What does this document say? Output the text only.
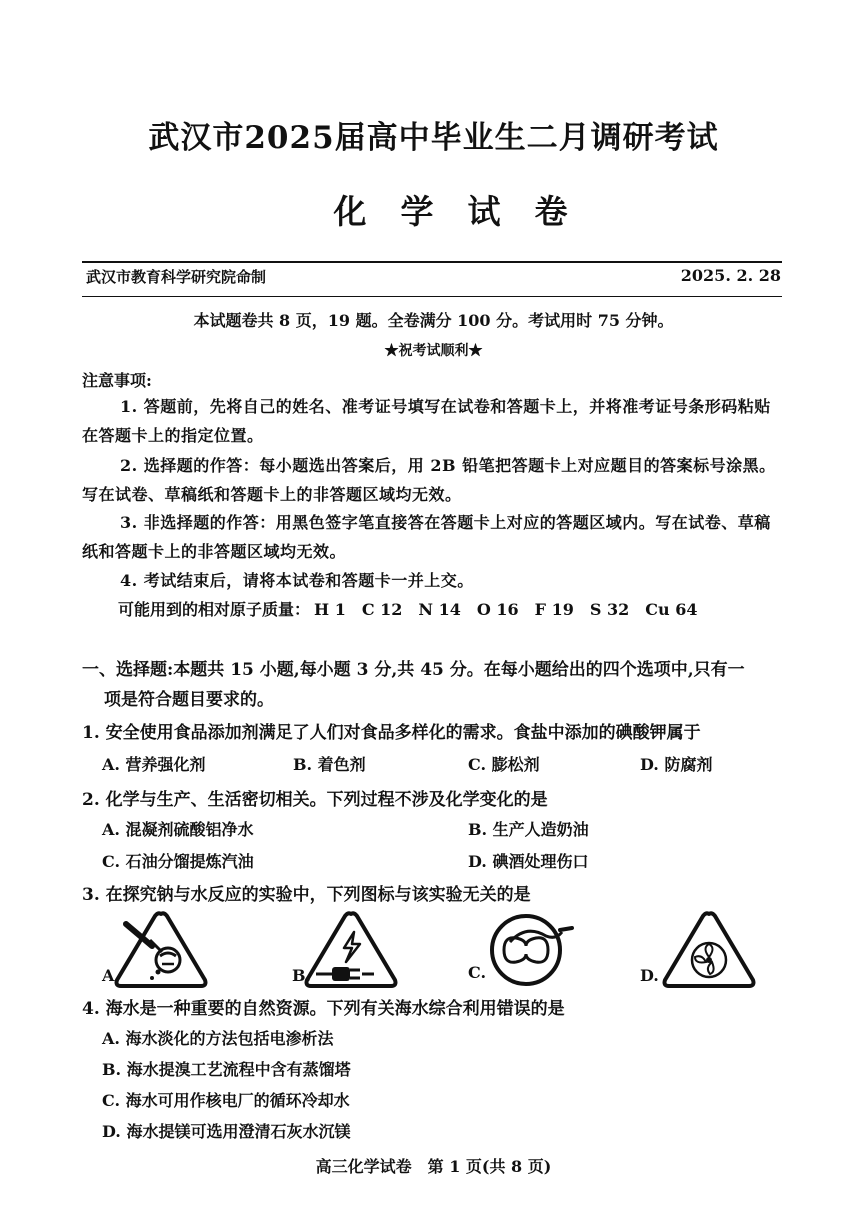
武汉市2025届高中毕业生二月调研考试
化学试卷
武汉市教育科学研究院命制	2025. 2. 28
本试题卷共 8 页，19 题。全卷满分 100 分。考试用时 75 分钟。
★祝考试顺利★
注意事项:
1. 答题前，先将自己的姓名、准考证号填写在试卷和答题卡上，并将准考证号条形码粘贴在答题卡上的指定位置。
2. 选择题的作答：每小题选出答案后，用 2B 铅笔把答题卡上对应题目的答案标号涂黑。写在试卷、草稿纸和答题卡上的非答题区域均无效。
3. 非选择题的作答：用黑色签字笔直接答在答题卡上对应的答题区域内。写在试卷、草稿纸和答题卡上的非答题区域均无效。
4. 考试结束后，请将本试卷和答题卡一并上交。
可能用到的相对原子质量： H 1 C 12 N 14 O 16 F 19 S 32 Cu 64
一、选择题:本题共 15 小题,每小题 3 分,共 45 分。在每小题给出的四个选项中,只有一
项是符合题目要求的。
1. 安全使用食品添加剂满足了人们对食品多样化的需求。食盐中添加的碘酸钾属于
A. 营养强化剂	B. 着色剂	C. 膨松剂	D. 防腐剂
2. 化学与生产、生活密切相关。下列过程不涉及化学变化的是
A. 混凝剂硫酸铝净水	B. 生产人造奶油
C. 石油分馏提炼汽油	D. 碘酒处理伤口
3. 在探究钠与水反应的实验中，下列图标与该实验无关的是
A.	B.	C.	D.
4. 海水是一种重要的自然资源。下列有关海水综合利用错误的是
A. 海水淡化的方法包括电渗析法
B. 海水提溴工艺流程中含有蒸馏塔
C. 海水可用作核电厂的循环冷却水
D. 海水提镁可选用澄清石灰水沉镁
高三化学试卷　第 1 页(共 8 页)
